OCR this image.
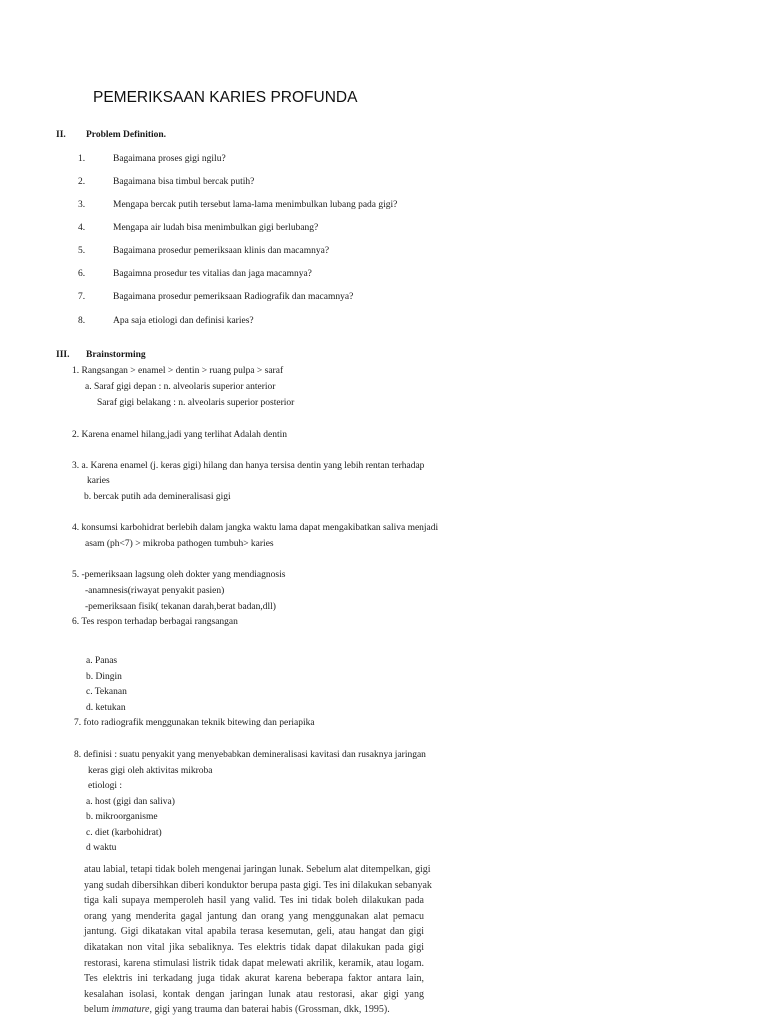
PEMERIKSAAN KARIES PROFUNDA
II. Problem Definition.
1.	Bagaimana proses gigi ngilu?
2.	Bagaimana bisa timbul bercak putih?
3.	Mengapa bercak putih tersebut lama-lama menimbulkan lubang pada gigi?
4.	Mengapa air ludah bisa menimbulkan gigi berlubang?
5.	Bagaimana prosedur pemeriksaan klinis dan macamnya?
6.	Bagaimna prosedur tes vitalias dan jaga macamnya?
7.	Bagaimana prosedur pemeriksaan Radiografik dan macamnya?
8.	Apa saja etiologi dan definisi karies?
III. Brainstorming
1. Rangsangan > enamel > dentin > ruang pulpa > saraf
a. Saraf gigi depan : n. alveolaris superior anterior
Saraf gigi belakang : n. alveolaris superior posterior
2. Karena enamel hilang,jadi yang terlihat Adalah dentin
3. a. Karena enamel (j. keras gigi) hilang dan hanya tersisa dentin yang lebih rentan terhadap
karies
b. bercak putih ada demineralisasi gigi
4. konsumsi karbohidrat berlebih dalam jangka waktu lama dapat mengakibatkan saliva menjadi
asam (ph<7) > mikroba pathogen tumbuh> karies
5. -pemeriksaan lagsung oleh dokter yang mendiagnosis
-anamnesis(riwayat penyakit pasien)
-pemeriksaan fisik( tekanan darah,berat badan,dll)
6. Tes respon terhadap berbagai rangsangan
a. Panas
b. Dingin
c. Tekanan
d. ketukan
7. foto radiografik menggunakan teknik bitewing dan periapika
8. definisi : suatu penyakit yang menyebabkan demineralisasi kavitasi dan rusaknya jaringan
keras gigi oleh aktivitas mikroba
etiologi :
a. host (gigi dan saliva)
b. mikroorganisme
c. diet (karbohidrat)
d waktu
atau labial, tetapi tidak boleh mengenai jaringan lunak. Sebelum alat ditempelkan, gigi
yang sudah dibersihkan diberi konduktor berupa pasta gigi. Tes ini dilakukan sebanyak
tiga kali supaya memperoleh hasil yang valid. Tes ini tidak boleh dilakukan pada
orang yang menderita gagal jantung dan orang yang menggunakan alat pemacu
jantung. Gigi dikatakan vital apabila terasa kesemutan, geli, atau hangat dan gigi
dikatakan non vital jika sebaliknya. Tes elektris tidak dapat dilakukan pada gigi
restorasi, karena stimulasi listrik tidak dapat melewati akrilik, keramik, atau logam.
Tes elektris ini terkadang juga tidak akurat karena beberapa faktor antara lain,
kesalahan isolasi, kontak dengan jaringan lunak atau restorasi, akar gigi yang
belum immature, gigi yang trauma dan baterai habis (Grossman, dkk, 1995).
